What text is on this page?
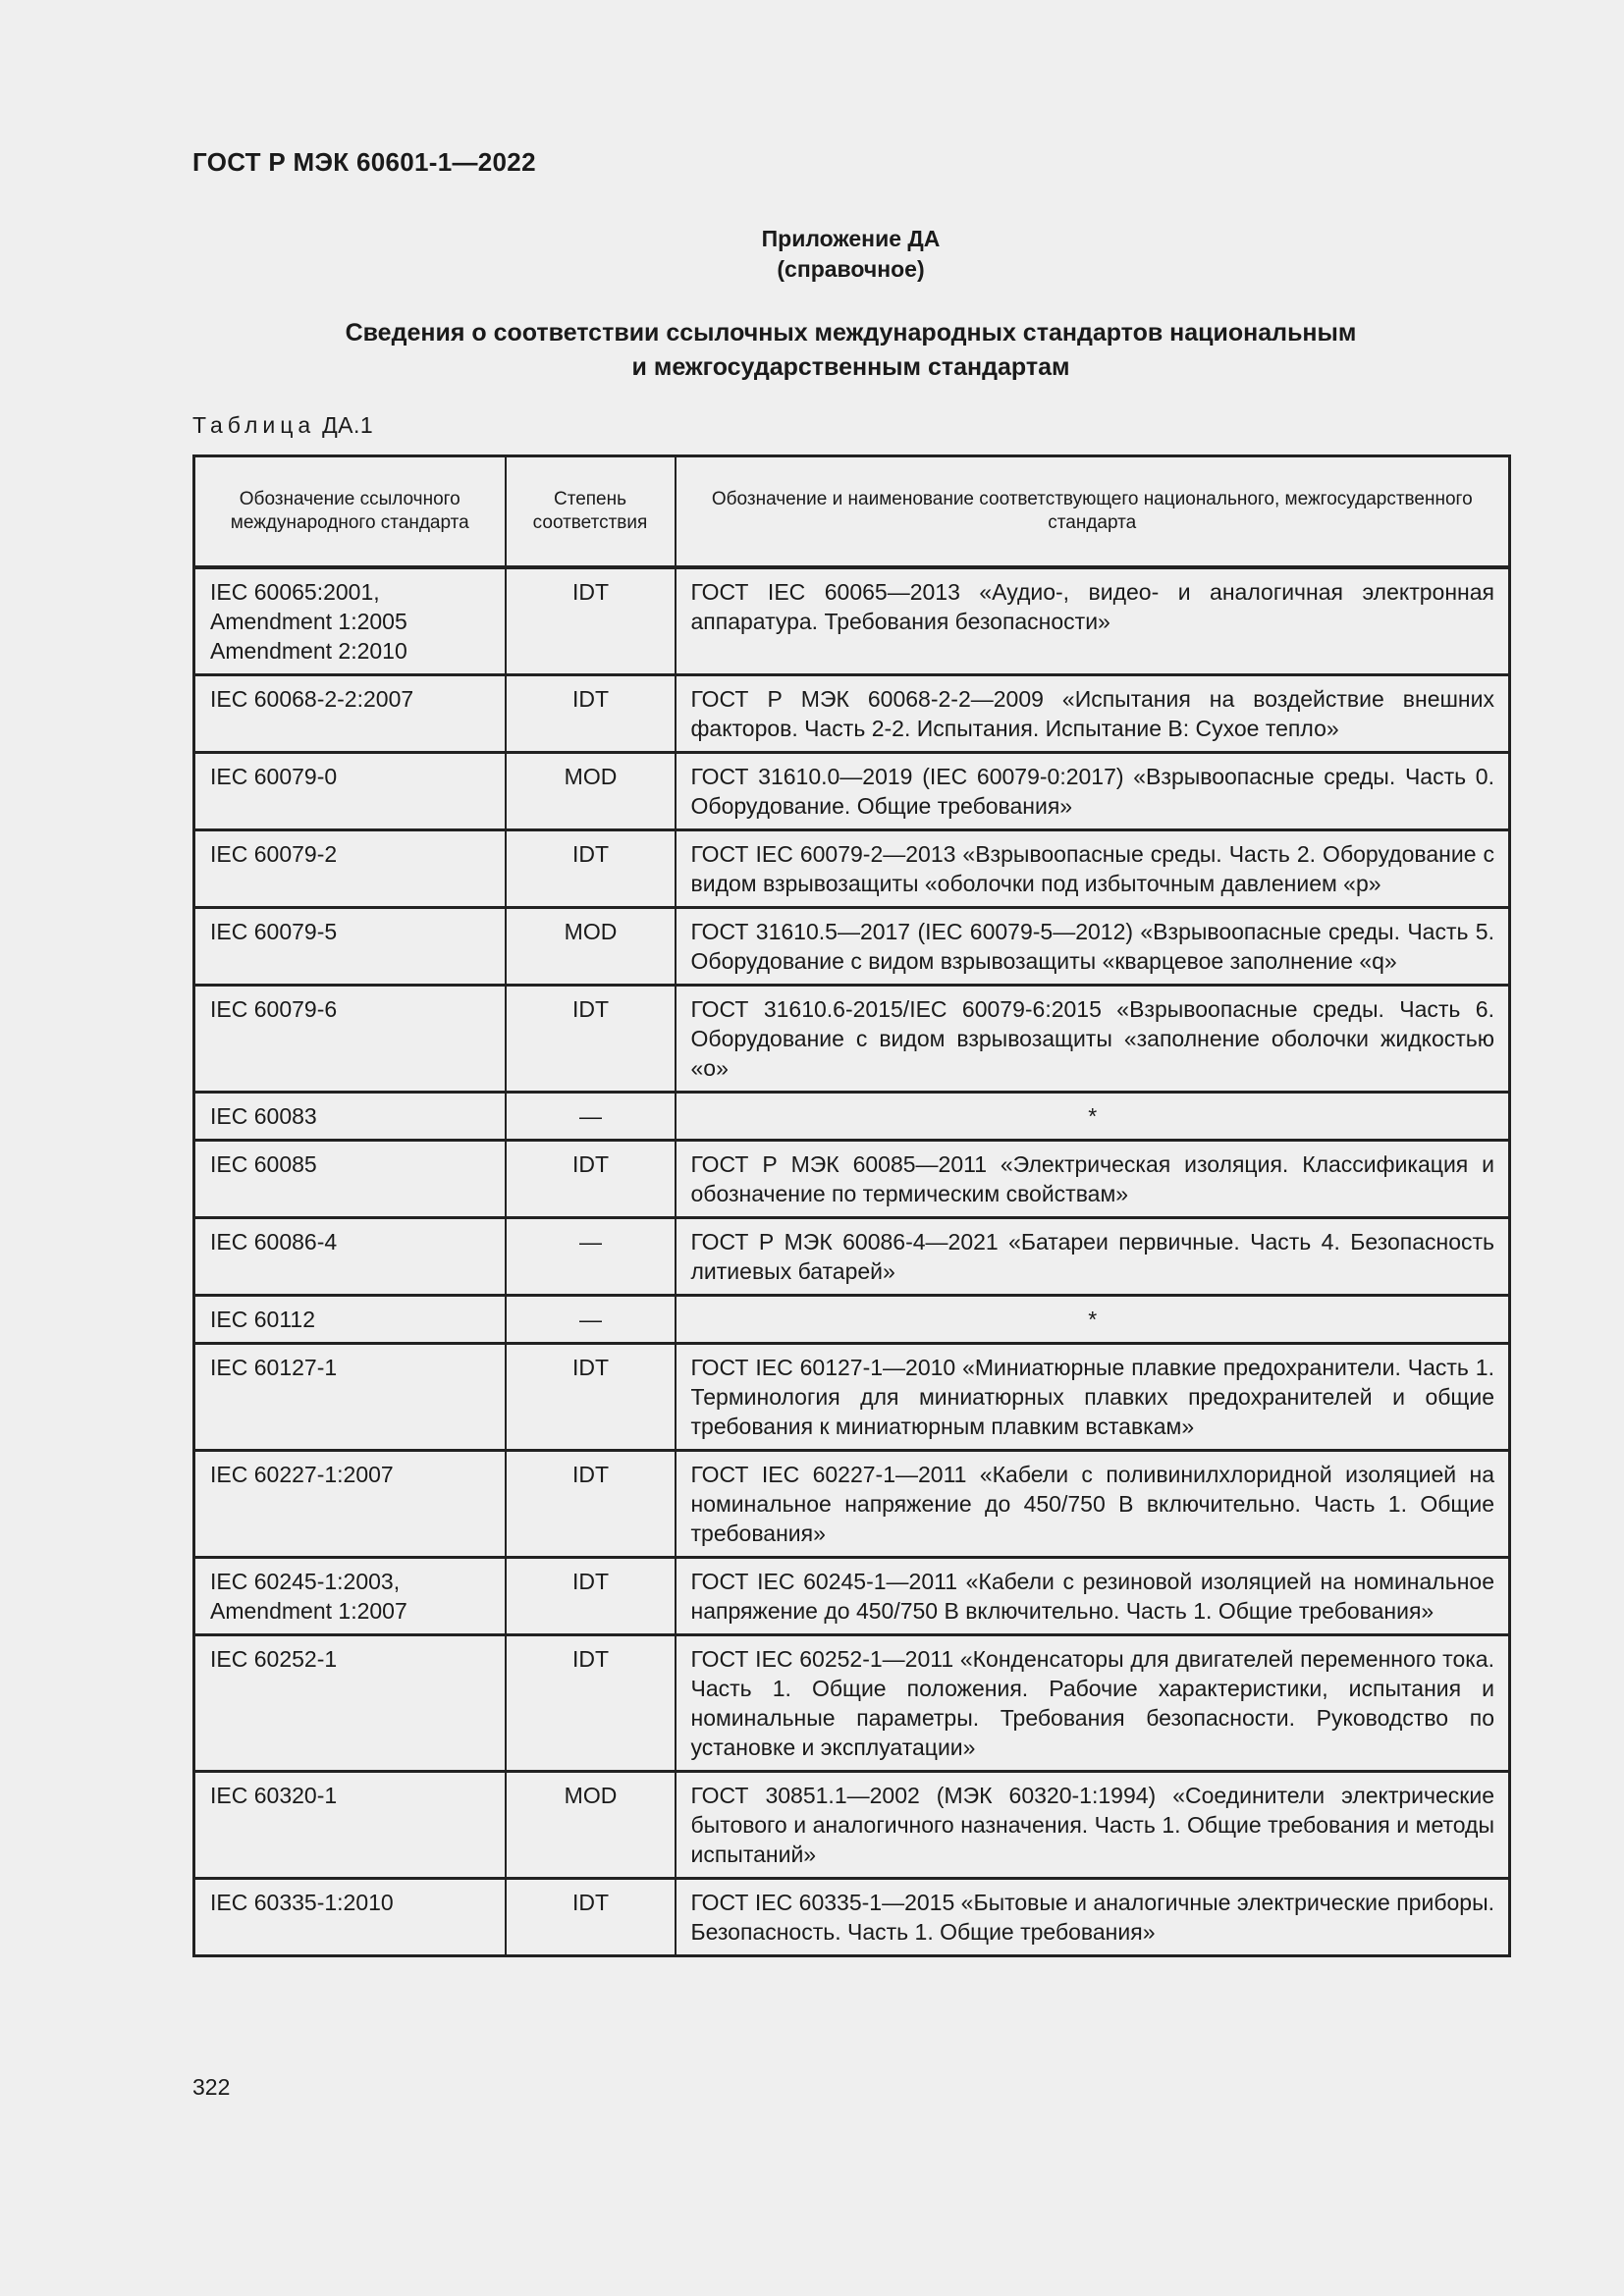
ГОСТ Р МЭК 60601-1—2022
Приложение ДА
(справочное)
Сведения о соответствии ссылочных международных стандартов национальным
и межгосударственным стандартам
Таблица ДА.1
Обозначение ссылочного международного стандарта	Степень соответствия	Обозначение и наименование соответствующего национального, межгосударственного стандарта
IEC 60065:2001,
Amendment 1:2005
Amendment 2:2010	IDT	ГОСТ IEC 60065—2013 «Аудио-, видео- и аналогичная электронная аппаратура. Требования безопасности»
IEC 60068-2-2:2007	IDT	ГОСТ Р МЭК 60068-2-2—2009 «Испытания на воздействие внешних факторов. Часть 2-2. Испытания. Испытание В: Сухое тепло»
IEC 60079-0	MOD	ГОСТ 31610.0—2019 (IEC 60079-0:2017) «Взрывоопасные среды. Часть 0. Оборудование. Общие требования»
IEC 60079-2	IDT	ГОСТ IEC 60079-2—2013 «Взрывоопасные среды. Часть 2. Оборудование с видом взрывозащиты «оболочки под избыточным давлением «р»
IEC 60079-5	MOD	ГОСТ 31610.5—2017 (IEC 60079-5—2012) «Взрывоопасные среды. Часть 5. Оборудование с видом взрывозащиты «кварцевое заполнение «q»
IEC 60079-6	IDT	ГОСТ 31610.6-2015/IEC 60079-6:2015 «Взрывоопасные среды. Часть 6. Оборудование с видом взрывозащиты «заполнение оболочки жидкостью «о»
IEC 60083	—	*
IEC 60085	IDT	ГОСТ Р МЭК 60085—2011 «Электрическая изоляция. Классификация и обозначение по термическим свойствам»
IEC 60086-4	—	ГОСТ Р МЭК 60086-4—2021 «Батареи первичные. Часть 4. Безопасность литиевых батарей»
IEC 60112	—	*
IEC 60127-1	IDT	ГОСТ IEC 60127-1—2010 «Миниатюрные плавкие предохранители. Часть 1. Терминология для миниатюрных плавких предохранителей и общие требования к миниатюрным плавким вставкам»
IEC 60227-1:2007	IDT	ГОСТ IEC 60227-1—2011 «Кабели с поливинилхлоридной изоляцией на номинальное напряжение до 450/750 В включительно. Часть 1. Общие требования»
IEC 60245-1:2003,
Amendment 1:2007	IDT	ГОСТ IEC 60245-1—2011 «Кабели с резиновой изоляцией на номинальное напряжение до 450/750 В включительно. Часть 1. Общие требования»
IEC 60252-1	IDT	ГОСТ IEC 60252-1—2011 «Конденсаторы для двигателей переменного тока. Часть 1. Общие положения. Рабочие характеристики, испытания и номинальные параметры. Требования безопасности. Руководство по установке и эксплуатации»
IEC 60320-1	MOD	ГОСТ 30851.1—2002 (МЭК 60320-1:1994) «Соединители электрические бытового и аналогичного назначения. Часть 1. Общие требования и методы испытаний»
IEC 60335-1:2010	IDT	ГОСТ IEC 60335-1—2015 «Бытовые и аналогичные электрические приборы. Безопасность. Часть 1. Общие требования»
322
